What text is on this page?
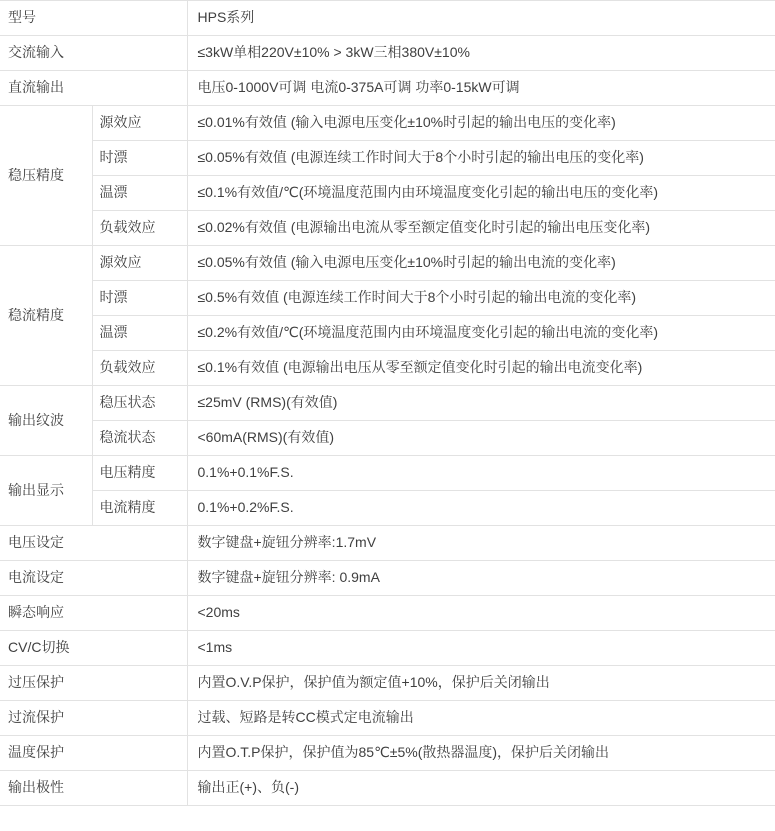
型号		HPS系列
交流输入		≤3kW单相220V±10% > 3kW三相380V±10%
直流输出		电压0-1000V可调 电流0-375A可调 功率0-15kW可调
稳压精度	源效应	≤0.01%有效值 (输入电源电压变化±10%时引起的输出电压的变化率)
	时漂	≤0.05%有效值 (电源连续工作时间大于8个小时引起的输出电压的变化率)
	温漂	≤0.1%有效值/℃(环境温度范围内由环境温度变化引起的输出电压的变化率)
	负载效应	≤0.02%有效值 (电源输出电流从零至额定值变化时引起的输出电压变化率)
稳流精度	源效应	≤0.05%有效值 (输入电源电压变化±10%时引起的输出电流的变化率)
	时漂	≤0.5%有效值 (电源连续工作时间大于8个小时引起的输出电流的变化率)
	温漂	≤0.2%有效值/℃(环境温度范围内由环境温度变化引起的输出电流的变化率)
	负载效应	≤0.1%有效值 (电源输出电压从零至额定值变化时引起的输出电流变化率)
输出纹波	稳压状态	≤25mV (RMS)(有效值)
	稳流状态	<60mA(RMS)(有效值)
输出显示	电压精度	0.1%+0.1%F.S.
	电流精度	0.1%+0.2%F.S.
电压设定		数字键盘+旋钮分辨率:1.7mV
电流设定		数字键盘+旋钮分辨率: 0.9mA
瞬态响应		<20ms
CV/C切换		<1ms
过压保护		内置O.V.P保护，保护值为额定值+10%，保护后关闭输出
过流保护		过载、短路是转CC模式定电流输出
温度保护		内置O.T.P保护，保护值为85℃±5%(散热器温度)，保护后关闭输出
输出极性		输出正(+)、负(-)
